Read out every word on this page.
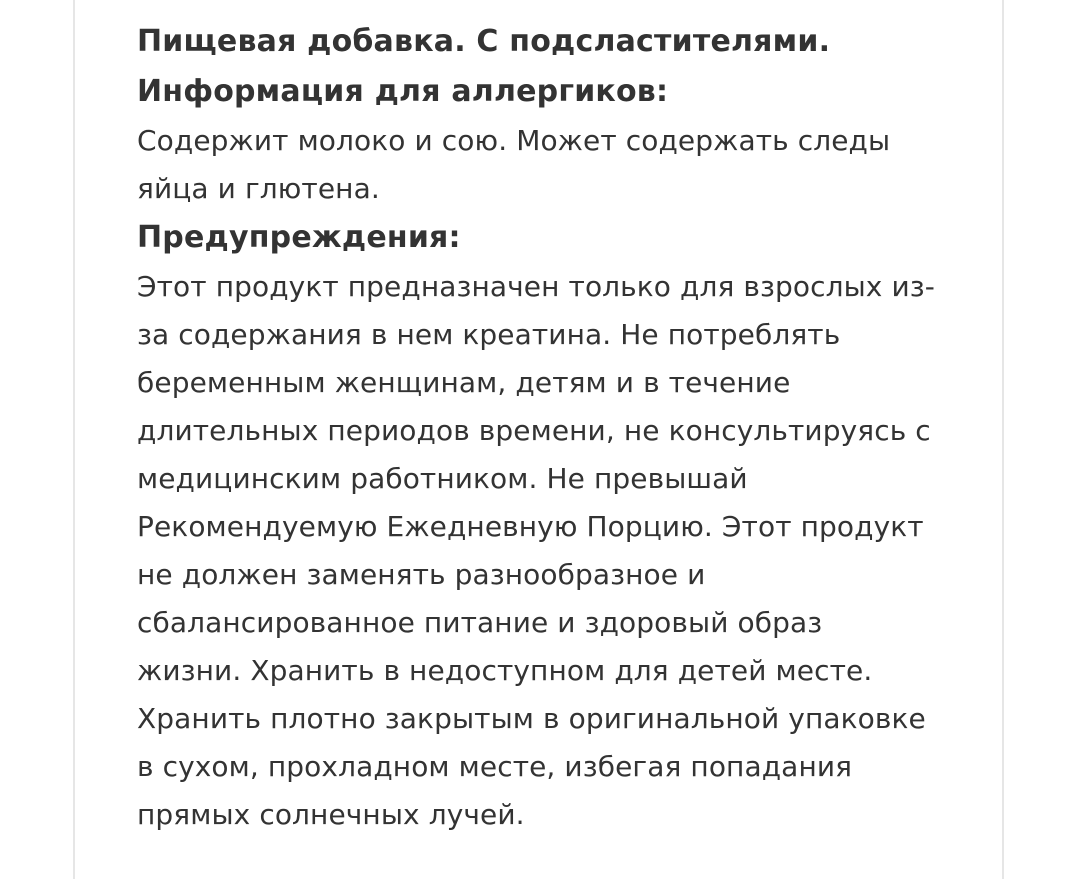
Пищевая добавка. С подсластителями.

Информация для аллергиков:

Содержит молоко и сою. Может содержать следы
яйца и глютена.

Предупреждения:

Этот продукт предназначен только для взрослых из-
за содержания в нем креатина. Не потреблять
беременным женщинам, детям и в течение
длительных периодов времени, не консультируясь с
медицинским работником. Не превышай
Рекомендуемую Ежедневную Порцию. Этот продукт
не должен заменять разнообразное и
сбалансированное питание и здоровый образ
жизни. Хранить в недоступном для детей месте.
Хранить плотно закрытым в оригинальной упаковке
в сухом, прохладном месте, избегая попадания
прямых солнечных лучей.
